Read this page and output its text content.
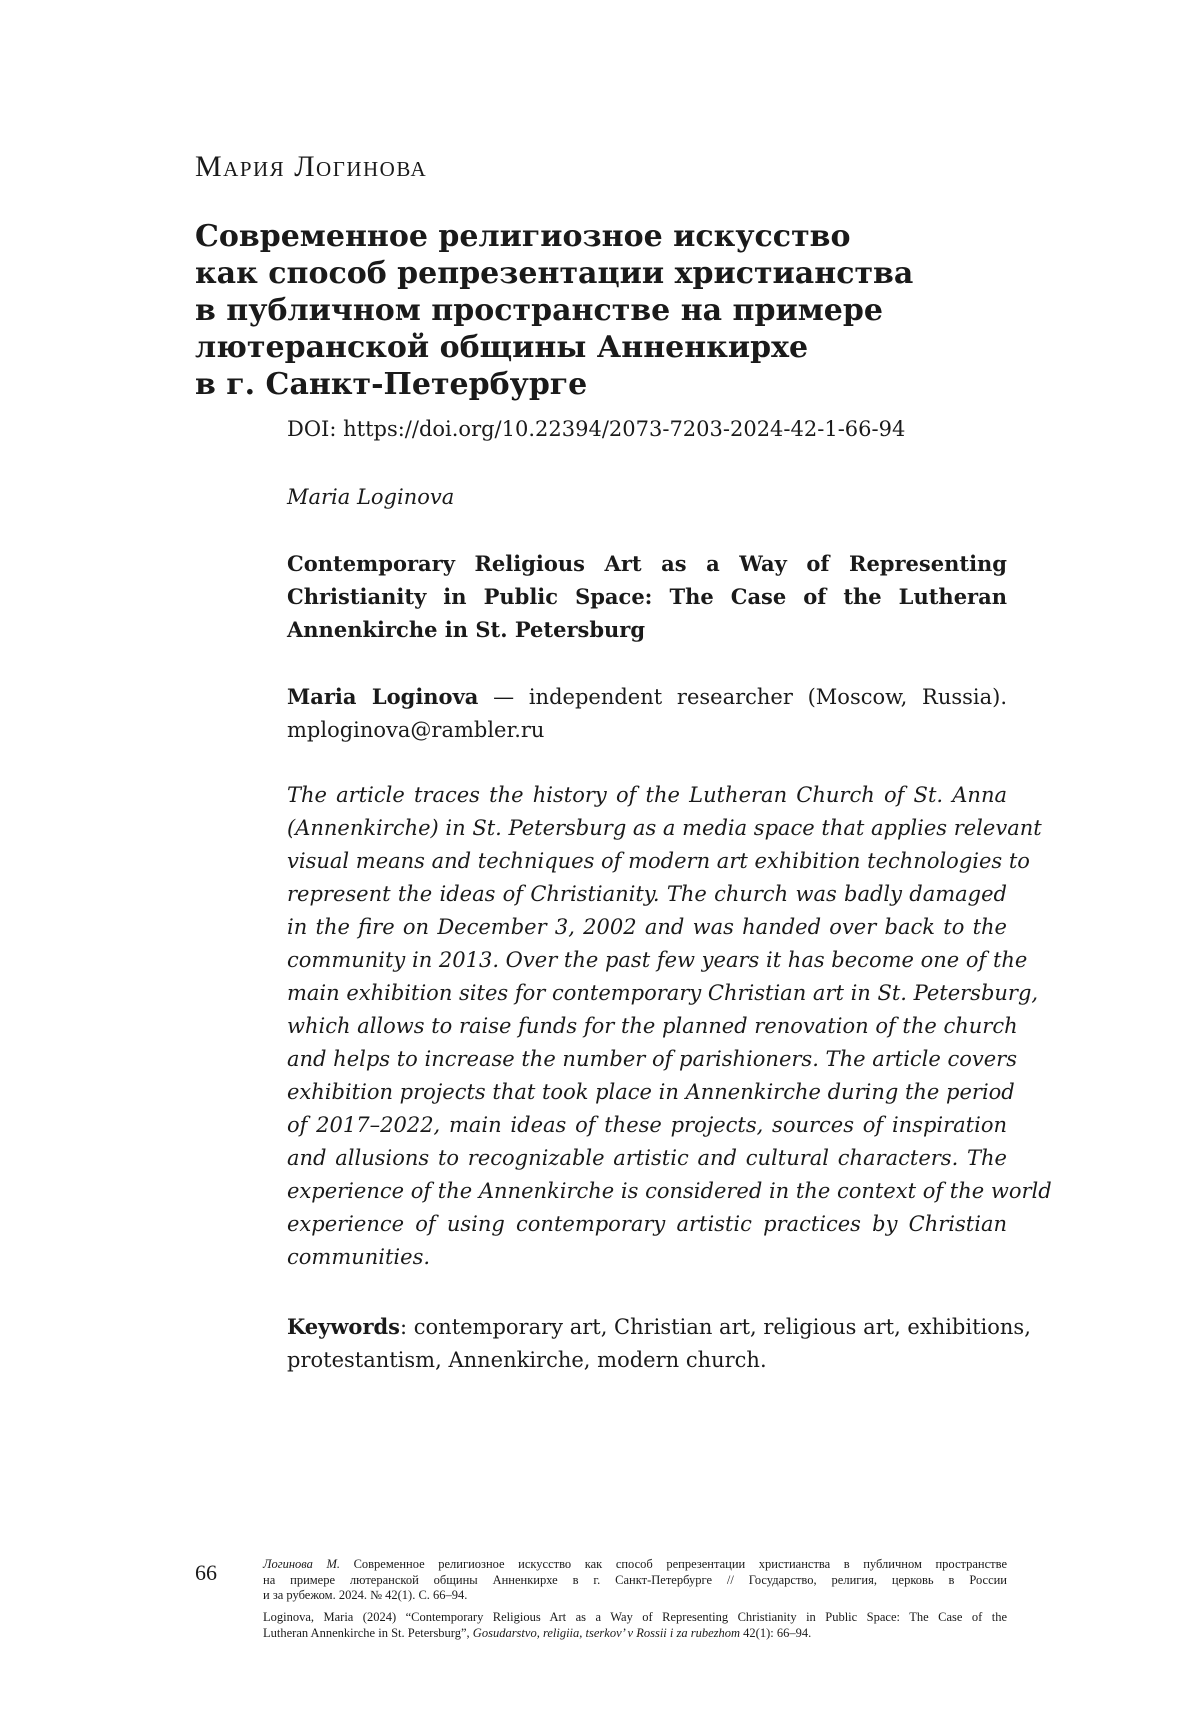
Мария Логинова
Современное религиозное искусство
как способ репрезентации христианства
в публичном пространстве на примере
лютеранской общины Анненкирхе
в г. Санкт-Петербурге
DOI: https://doi.org/10.22394/2073-7203-2024-42-1-66-94
Maria Loginova
Contemporary Religious Art as a Way of Representing
Christianity in Public Space: The Case of the Lutheran
Annenkirche in St. Petersburg
Maria Loginova — independent researcher (Moscow, Russia).
mploginova@rambler.ru
The article traces the history of the Lutheran Church of St. Anna
(Annenkirche) in St. Petersburg as a media space that applies relevant
visual means and techniques of modern art exhibition technologies to
represent the ideas of Christianity. The church was badly damaged
in the fire on December 3, 2002 and was handed over back to the
community in 2013. Over the past few years it has become one of the
main exhibition sites for contemporary Christian art in St. Petersburg,
which allows to raise funds for the planned renovation of the church
and helps to increase the number of parishioners. The article covers
exhibition projects that took place in Annenkirche during the period
of 2017–2022, main ideas of these projects, sources of inspiration
and allusions to recognizable artistic and cultural characters. The
experience of the Annenkirche is considered in the context of the world
experience of using contemporary artistic practices by Christian
communities.
Keywords: contemporary art, Christian art, religious art, exhibitions,
protestantism, Annenkirche, modern church.
66	Логинова М. Современное религиозное искусство как способ репрезентации христианства в публичном пространстве
на примере лютеранской общины Анненкирхе в г. Санкт-Петербурге // Государство, религия, церковь в России
и за рубежом. 2024. № 42(1). С. 66–94.
Loginova, Maria (2024) “Contemporary Religious Art as a Way of Representing Christianity in Public Space: The Case of the
Lutheran Annenkirche in St. Petersburg”, Gosudarstvo, religiia, tserkov’ v Rossii i za rubezhom 42(1): 66–94.
